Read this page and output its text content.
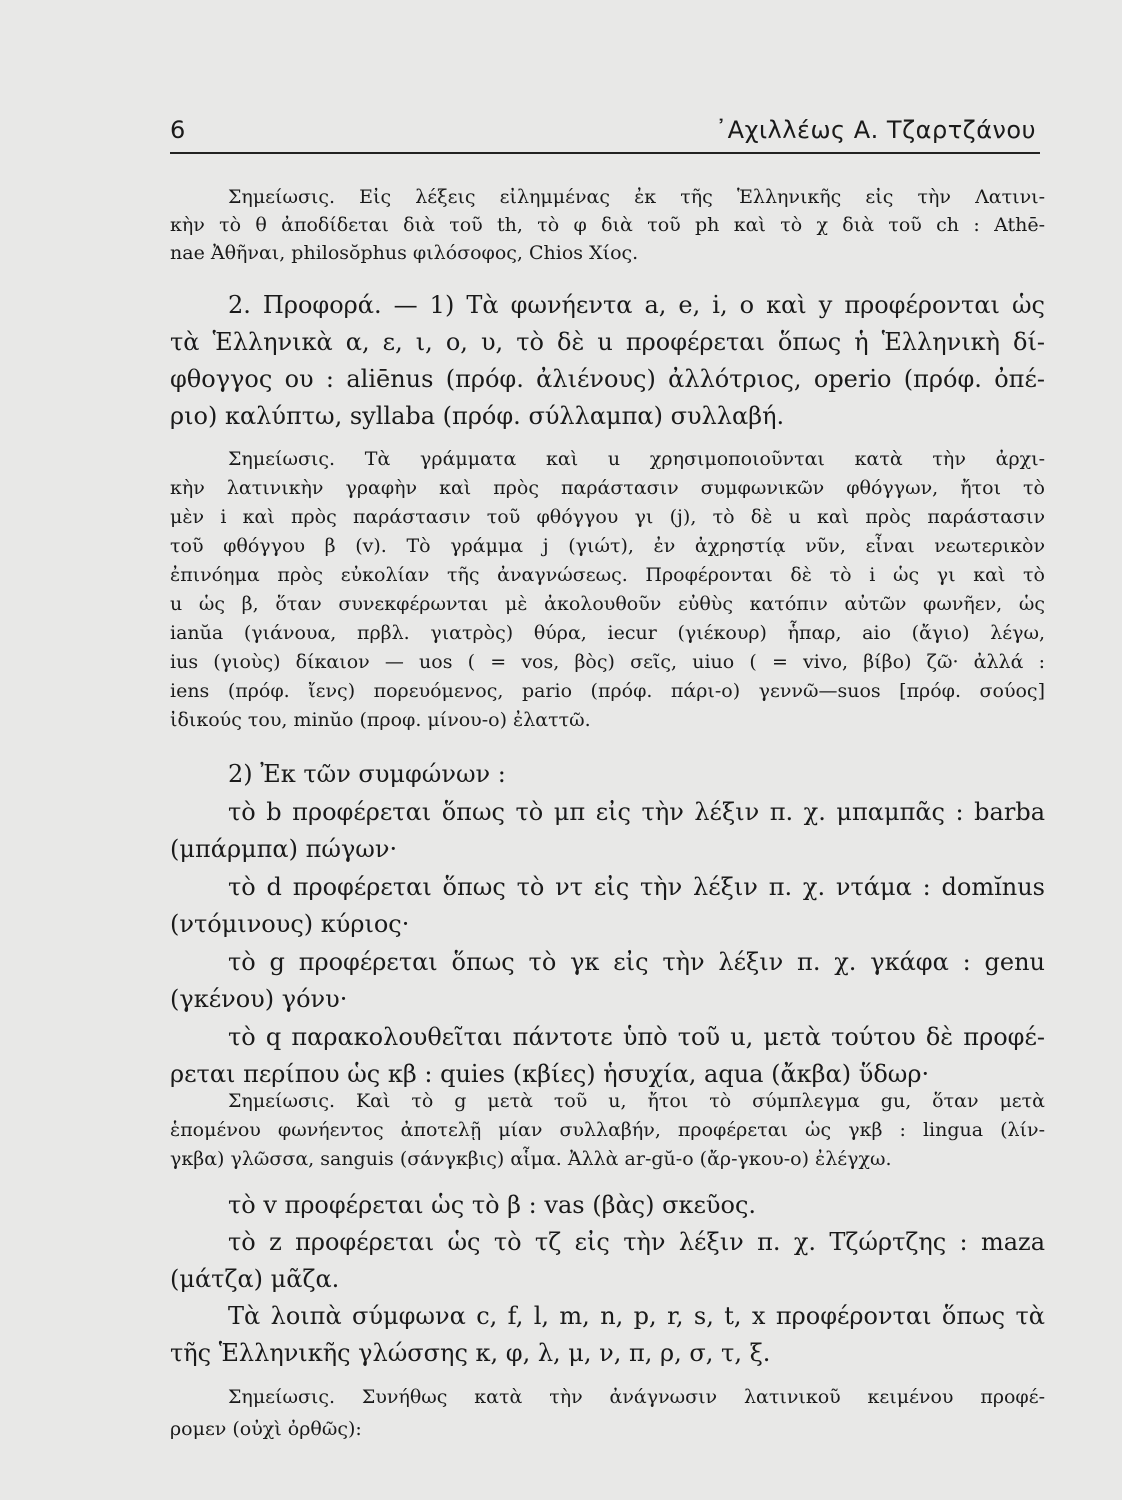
6	᾽Αχιλλέως Α. Τζαρτζάνου
Σημείωσις. Εἰς λέξεις εἰλημμένας ἐκ τῆς Ἑλληνικῆς εἰς τὴν Λατινι-
κὴν τὸ θ ἀποδίδεται διὰ τοῦ th, τὸ φ διὰ τοῦ ph καὶ τὸ χ διὰ τοῦ ch : Athē-
nae Ἀθῆναι, philosŏphus φιλόσοφος, Chios Χίος.
2. Προφορά. — 1) Τὰ φωνήεντα a, e, i, o καὶ y προφέρονται ὡς
τὰ Ἑλληνικὰ α, ε, ι, ο, υ, τὸ δὲ u προφέρεται ὅπως ἡ Ἑλληνικὴ δί-
φθογγος ου : aliēnus (πρόφ. ἀλιένους) ἀλλότριος, operio (πρόφ. ὀπέ-
ριο) καλύπτω, syllaba (πρόφ. σύλλαμπα) συλλαβή.
Σημείωσις. Τὰ γράμματα καὶ u χρησιμοποιοῦνται κατὰ τὴν ἀρχι-
κὴν λατινικὴν γραφὴν καὶ πρὸς παράστασιν συμφωνικῶν φθόγγων, ἤτοι τὸ
μὲν i καὶ πρὸς παράστασιν τοῦ φθόγγου γι (j), τὸ δὲ u καὶ πρὸς παράστασιν
τοῦ φθόγγου β (v). Τὸ γράμμα j (γιώτ), ἐν ἀχρηστίᾳ νῦν, εἶναι νεωτερικὸν
ἐπινόημα πρὸς εὐκολίαν τῆς ἀναγνώσεως. Προφέρονται δὲ τὸ i ὡς γι καὶ τὸ
u ὡς β, ὅταν συνεκφέρωνται μὲ ἀκολουθοῦν εὐθὺς κατόπιν αὐτῶν φωνῆεν, ὡς
ianŭa (γιάνουα, πρβλ. γιατρὸς) θύρα, iecur (γιέκουρ) ἧπαρ, aio (ἄγιο) λέγω,
ius (γιοὺς) δίκαιον — uos ( = vos, βὸς) σεῖς, uiuo ( = vivo, βίβο) ζῶ· ἀλλά :
iens (πρόφ. ἴενς) πορευόμενος, pario (πρόφ. πάρι-ο) γεννῶ—suos [πρόφ. σούος]
ἰδικούς του, minŭo (προφ. μίνου-ο) ἐλαττῶ.
2) Ἐκ τῶν συμφώνων :
τὸ b προφέρεται ὅπως τὸ μπ εἰς τὴν λέξιν π. χ. μπαμπᾶς : barba
(μπάρμπα) πώγων·
τὸ d προφέρεται ὅπως τὸ ντ εἰς τὴν λέξιν π. χ. ντάμα : domĭnus
(ντόμινους) κύριος·
τὸ g προφέρεται ὅπως τὸ γκ εἰς τὴν λέξιν π. χ. γκάφα : genu
(γκένου) γόνυ·
τὸ q παρακολουθεῖται πάντοτε ὑπὸ τοῦ u, μετὰ τούτου δὲ προφέ-
ρεται περίπου ὡς κβ : quies (κβίες) ἡσυχία, aqua (ἄκβα) ὕδωρ·
Σημείωσις. Καὶ τὸ g μετὰ τοῦ u, ἤτοι τὸ σύμπλεγμα gu, ὅταν μετὰ
ἑπομένου φωνήεντος ἀποτελῇ μίαν συλλαβήν, προφέρεται ὡς γκβ : lingua (λίν-
γκβα) γλῶσσα, sanguis (σάνγκβις) αἷμα. Ἀλλὰ ar-gŭ-o (ἄρ-γκου-ο) ἐλέγχω.
τὸ v προφέρεται ὡς τὸ β : vas (βὰς) σκεῦος.
τὸ z προφέρεται ὡς τὸ τζ εἰς τὴν λέξιν π. χ. Τζώρτζης : maza
(μάτζα) μᾶζα.
Τὰ λοιπὰ σύμφωνα c, f, l, m, n, p, r, s, t, x προφέρονται ὅπως τὰ
τῆς Ἑλληνικῆς γλώσσης κ, φ, λ, μ, ν, π, ρ, σ, τ, ξ.
Σημείωσις. Συνήθως κατὰ τὴν ἀνάγνωσιν λατινικοῦ κειμένου προφέ-
ρομεν (οὐχὶ ὀρθῶς):
